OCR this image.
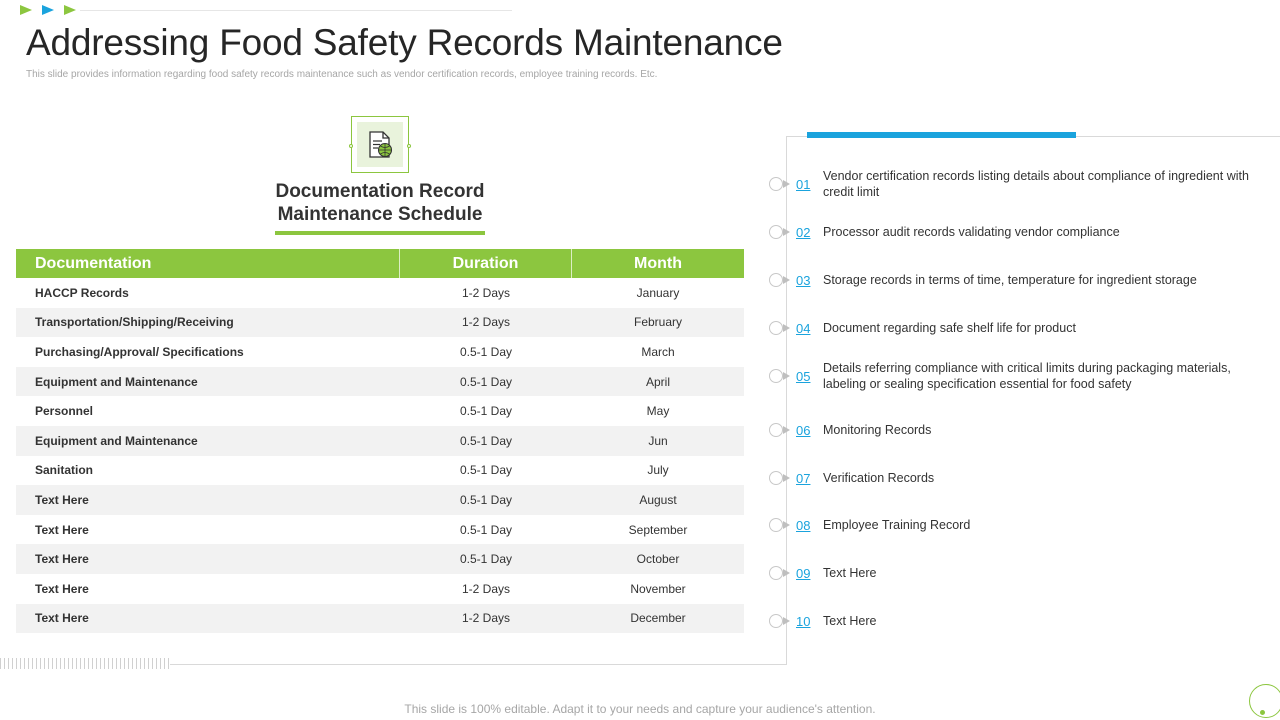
Addressing Food Safety Records Maintenance

This slide provides information regarding food safety records maintenance such as vendor certification records, employee training records. Etc.

Documentation Record
Maintenance Schedule
Documentation	Duration	Month
HACCP Records	1-2 Days	January
Transportation/Shipping/Receiving	1-2 Days	February
Purchasing/Approval/ Specifications	0.5-1 Day	March
Equipment and Maintenance	0.5-1 Day	April
Personnel	0.5-1 Day	May
Equipment and Maintenance	0.5-1 Day	Jun
Sanitation	0.5-1 Day	July
Text Here	0.5-1 Day	August
Text Here	0.5-1 Day	September
Text Here	0.5-1 Day	October
Text Here	1-2 Days	November
Text Here	1-2 Days	December
01
Vendor certification records listing details about compliance of ingredient with credit limit
02	Processor audit records validating vendor compliance
03	Storage records in terms of time, temperature for ingredient storage
04	Document regarding safe shelf life for product
05
Details referring compliance with critical limits during packaging materials, labeling or sealing specification essential for food safety
06	Monitoring Records
07	Verification Records
08	Employee Training Record
09	Text Here
10	Text Here
This slide is 100% editable. Adapt it to your needs and capture your audience's attention.
